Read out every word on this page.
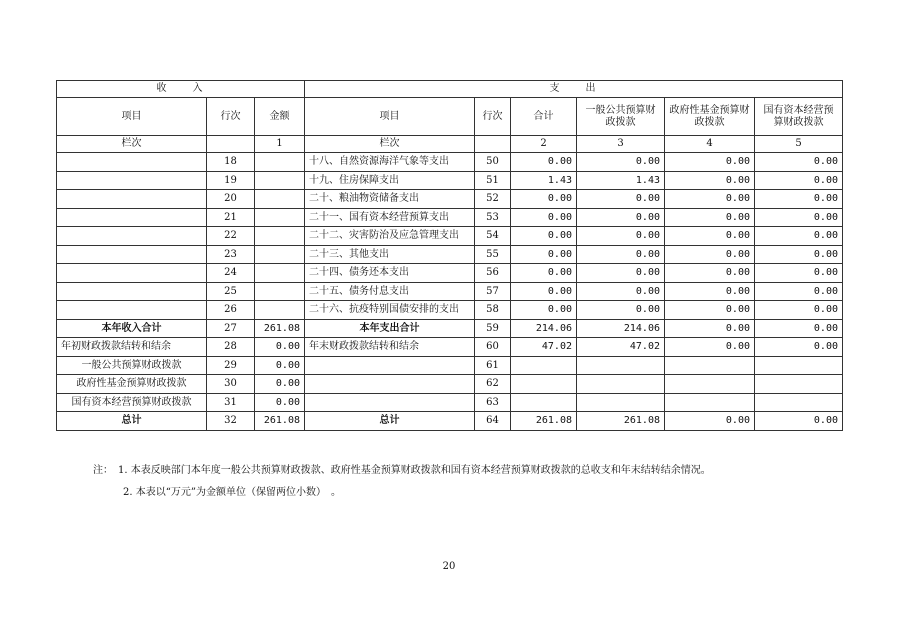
收　　入			支　　出					
项目	行次	金额	项目	行次	合计	一般公共预算财政拨款	政府性基金预算财政拨款	国有资本经营预算财政拨款
栏次		1	栏次		2	3	4	5
	18		十八、自然资源海洋气象等支出	50	0.00	0.00	0.00	0.00
	19		十九、住房保障支出	51	1.43	1.43	0.00	0.00
	20		二十、粮油物资储备支出	52	0.00	0.00	0.00	0.00
	21		二十一、国有资本经营预算支出	53	0.00	0.00	0.00	0.00
	22		二十二、灾害防治及应急管理支出	54	0.00	0.00	0.00	0.00
	23		二十三、其他支出	55	0.00	0.00	0.00	0.00
	24		二十四、债务还本支出	56	0.00	0.00	0.00	0.00
	25		二十五、债务付息支出	57	0.00	0.00	0.00	0.00
	26		二十六、抗疫特别国债安排的支出	58	0.00	0.00	0.00	0.00
本年收入合计	27	261.08	本年支出合计	59	214.06	214.06	0.00	0.00
年初财政拨款结转和结余	28	0.00	年末财政拨款结转和结余	60	47.02	47.02	0.00	0.00
一般公共预算财政拨款	29	0.00		61				
政府性基金预算财政拨款	30	0.00		62				
国有资本经营预算财政拨款	31	0.00		63				
总计	32	261.08	总计	64	261.08	261.08	0.00	0.00
注：　1. 本表反映部门本年度一般公共预算财政拨款、政府性基金预算财政拨款和国有资本经营预算财政拨款的总收支和年末结转结余情况。
　　　2. 本表以“万元”为金额单位（保留两位小数）　。
20
